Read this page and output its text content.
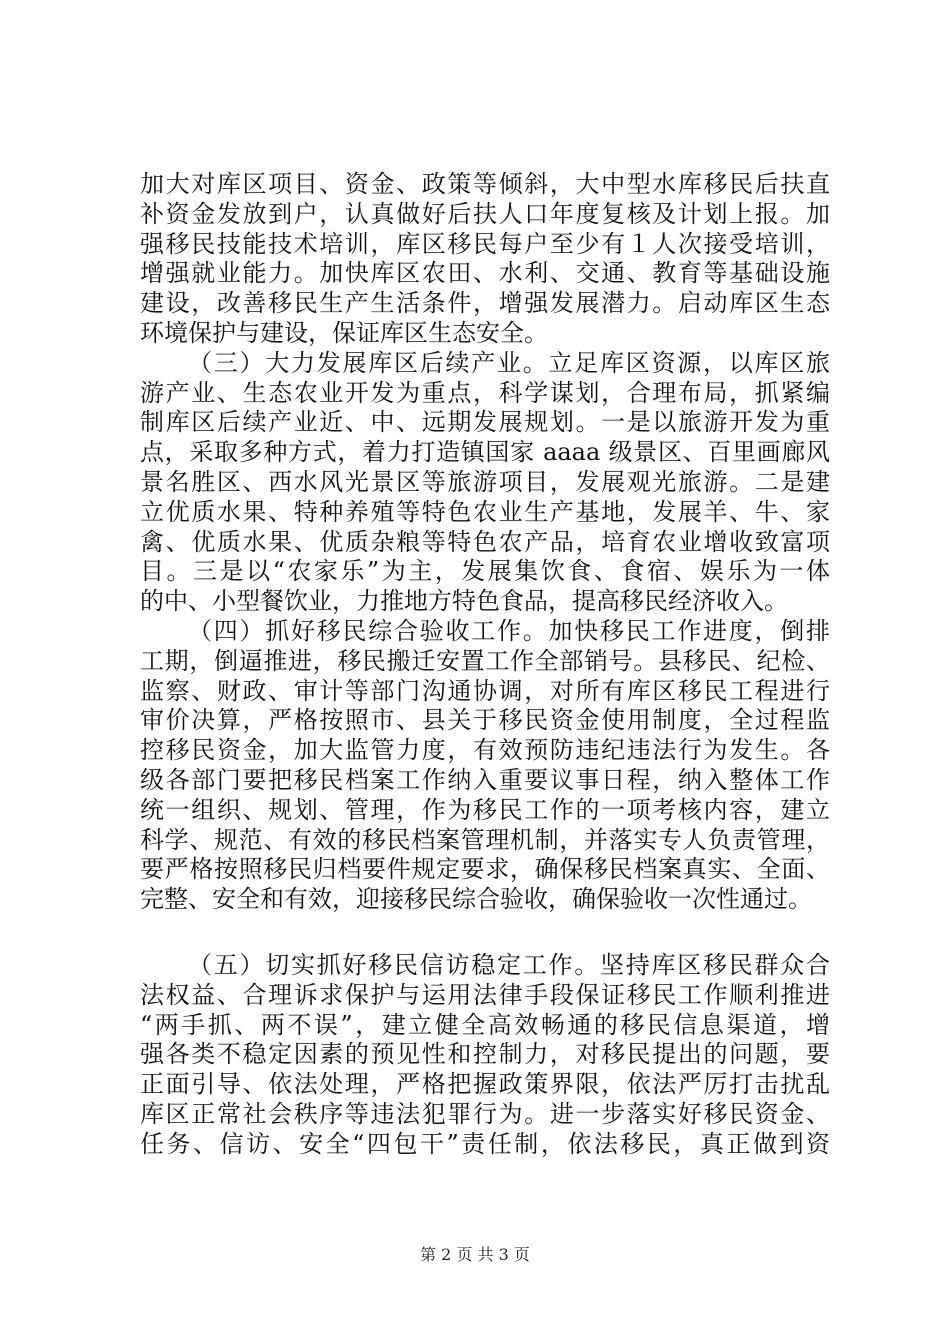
加大对库区项目、资金、政策等倾斜，大中型水库移民后扶直
补资金发放到户，认真做好后扶人口年度复核及计划上报。加
强移民技能技术培训，库区移民每户至少有１人次接受培训，
增强就业能力。加快库区农田、水利、交通、教育等基础设施
建设，改善移民生产生活条件，增强发展潜力。启动库区生态
环境保护与建设，保证库区生态安全。
（三）大力发展库区后续产业。立足库区资源，以库区旅
游产业、生态农业开发为重点，科学谋划，合理布局，抓紧编
制库区后续产业近、中、远期发展规划。一是以旅游开发为重
点，采取多种方式，着力打造镇国家 aaaa 级景区、百里画廊风
景名胜区、西水风光景区等旅游项目，发展观光旅游。二是建
立优质水果、特种养殖等特色农业生产基地，发展羊、牛、家
禽、优质水果、优质杂粮等特色农产品，培育农业增收致富项
目。三是以“农家乐”为主，发展集饮食、食宿、娱乐为一体
的中、小型餐饮业，力推地方特色食品，提高移民经济收入。
（四）抓好移民综合验收工作。加快移民工作进度，倒排
工期，倒逼推进，移民搬迁安置工作全部销号。县移民、纪检、
监察、财政、审计等部门沟通协调，对所有库区移民工程进行
审价决算，严格按照市、县关于移民资金使用制度，全过程监
控移民资金，加大监管力度，有效预防违纪违法行为发生。各
级各部门要把移民档案工作纳入重要议事日程，纳入整体工作
统一组织、规划、管理，作为移民工作的一项考核内容，建立
科学、规范、有效的移民档案管理机制，并落实专人负责管理，
要严格按照移民归档要件规定要求，确保移民档案真实、全面、
完整、安全和有效，迎接移民综合验收，确保验收一次性通过。
（五）切实抓好移民信访稳定工作。坚持库区移民群众合
法权益、合理诉求保护与运用法律手段保证移民工作顺利推进
“两手抓、两不误”，建立健全高效畅通的移民信息渠道，增
强各类不稳定因素的预见性和控制力，对移民提出的问题，要
正面引导、依法处理，严格把握政策界限，依法严厉打击扰乱
库区正常社会秩序等违法犯罪行为。进一步落实好移民资金、
任务、信访、安全“四包干”责任制，依法移民，真正做到资
第 2 页 共 3 页
